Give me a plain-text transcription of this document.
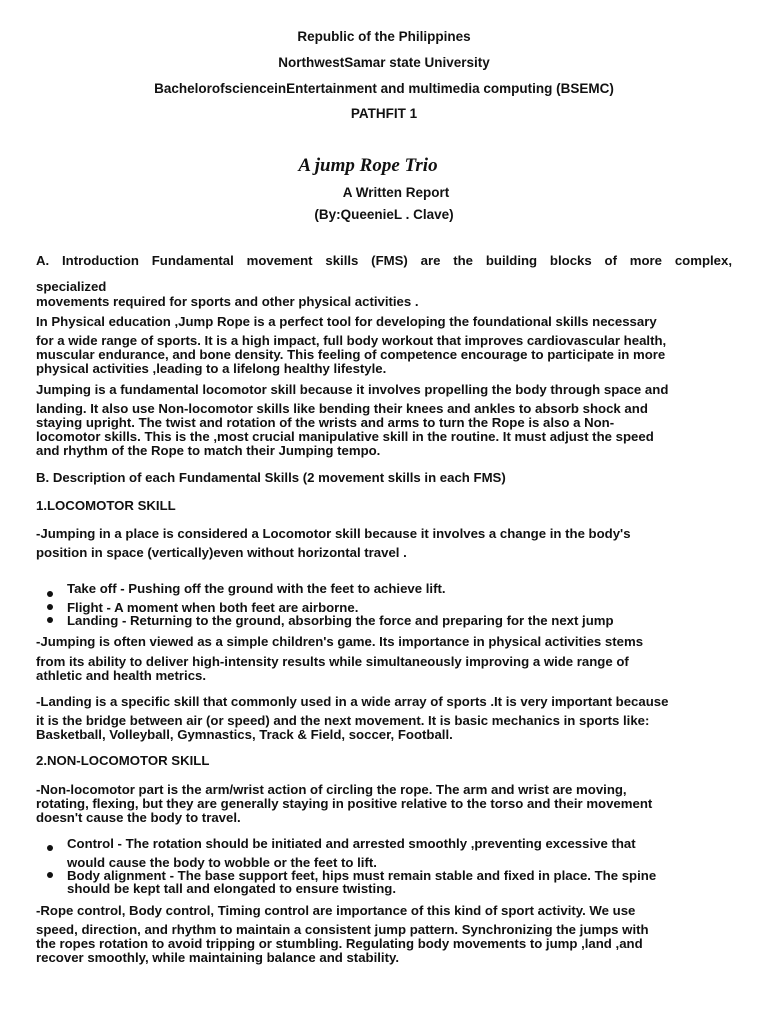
Republic of the Philippines
NorthwestSamar state University
BachelorofscienceinEntertainment and multimedia computing (BSEMC)
PATHFIT 1
A jump Rope Trio
A Written Report
(By:QueenieL . Clave)
A. Introduction Fundamental movement skills (FMS) are the building blocks of more complex,
specialized
movements required for sports and other physical activities .
In Physical education ,Jump Rope is a perfect tool for developing the foundational skills necessary
for a wide range of sports. It is a high impact, full body workout that improves cardiovascular health,
muscular endurance, and bone density. This feeling of competence encourage to participate in more
physical activities ,leading to a lifelong healthy lifestyle.
Jumping is a fundamental locomotor skill because it involves propelling the body through space and
landing. It also use Non-locomotor skills like bending their knees and ankles to absorb shock and
staying upright. The twist and rotation of the wrists and arms to turn the Rope is also a Non-
locomotor skills. This is the ,most crucial manipulative skill in the routine. It must adjust the speed
and rhythm of the Rope to match their Jumping tempo.
B. Description of each Fundamental Skills (2 movement skills in each FMS)
1.LOCOMOTOR SKILL
-Jumping in a place is considered a Locomotor skill because it involves a change in the body's
position in space (vertically)even without horizontal travel .
Take off - Pushing off the ground with the feet to achieve lift.
Flight - A moment when both feet are airborne.
Landing - Returning to the ground, absorbing the force and preparing for the next jump
-Jumping is often viewed as a simple children's game. Its importance in physical activities stems
from its ability to deliver high-intensity results while simultaneously improving a wide range of
athletic and health metrics.
-Landing is a specific skill that commonly used in a wide array of sports .It is very important because
it is the bridge between air (or speed) and the next movement. It is basic mechanics in sports like:
Basketball, Volleyball, Gymnastics, Track & Field, soccer, Football.
2.NON-LOCOMOTOR SKILL
-Non-locomotor part is the arm/wrist action of circling the rope. The arm and wrist are moving,
rotating, flexing, but they are generally staying in positive relative to the torso and their movement
doesn't cause the body to travel.
Control - The rotation should be initiated and arrested smoothly ,preventing excessive that
would cause the body to wobble or the feet to lift.
Body alignment - The base support feet, hips must remain stable and fixed in place. The spine
should be kept tall and elongated to ensure twisting.
-Rope control, Body control, Timing control are importance of this kind of sport activity. We use
speed, direction, and rhythm to maintain a consistent jump pattern. Synchronizing the jumps with
the ropes rotation to avoid tripping or stumbling. Regulating body movements to jump ,land ,and
recover smoothly, while maintaining balance and stability.
